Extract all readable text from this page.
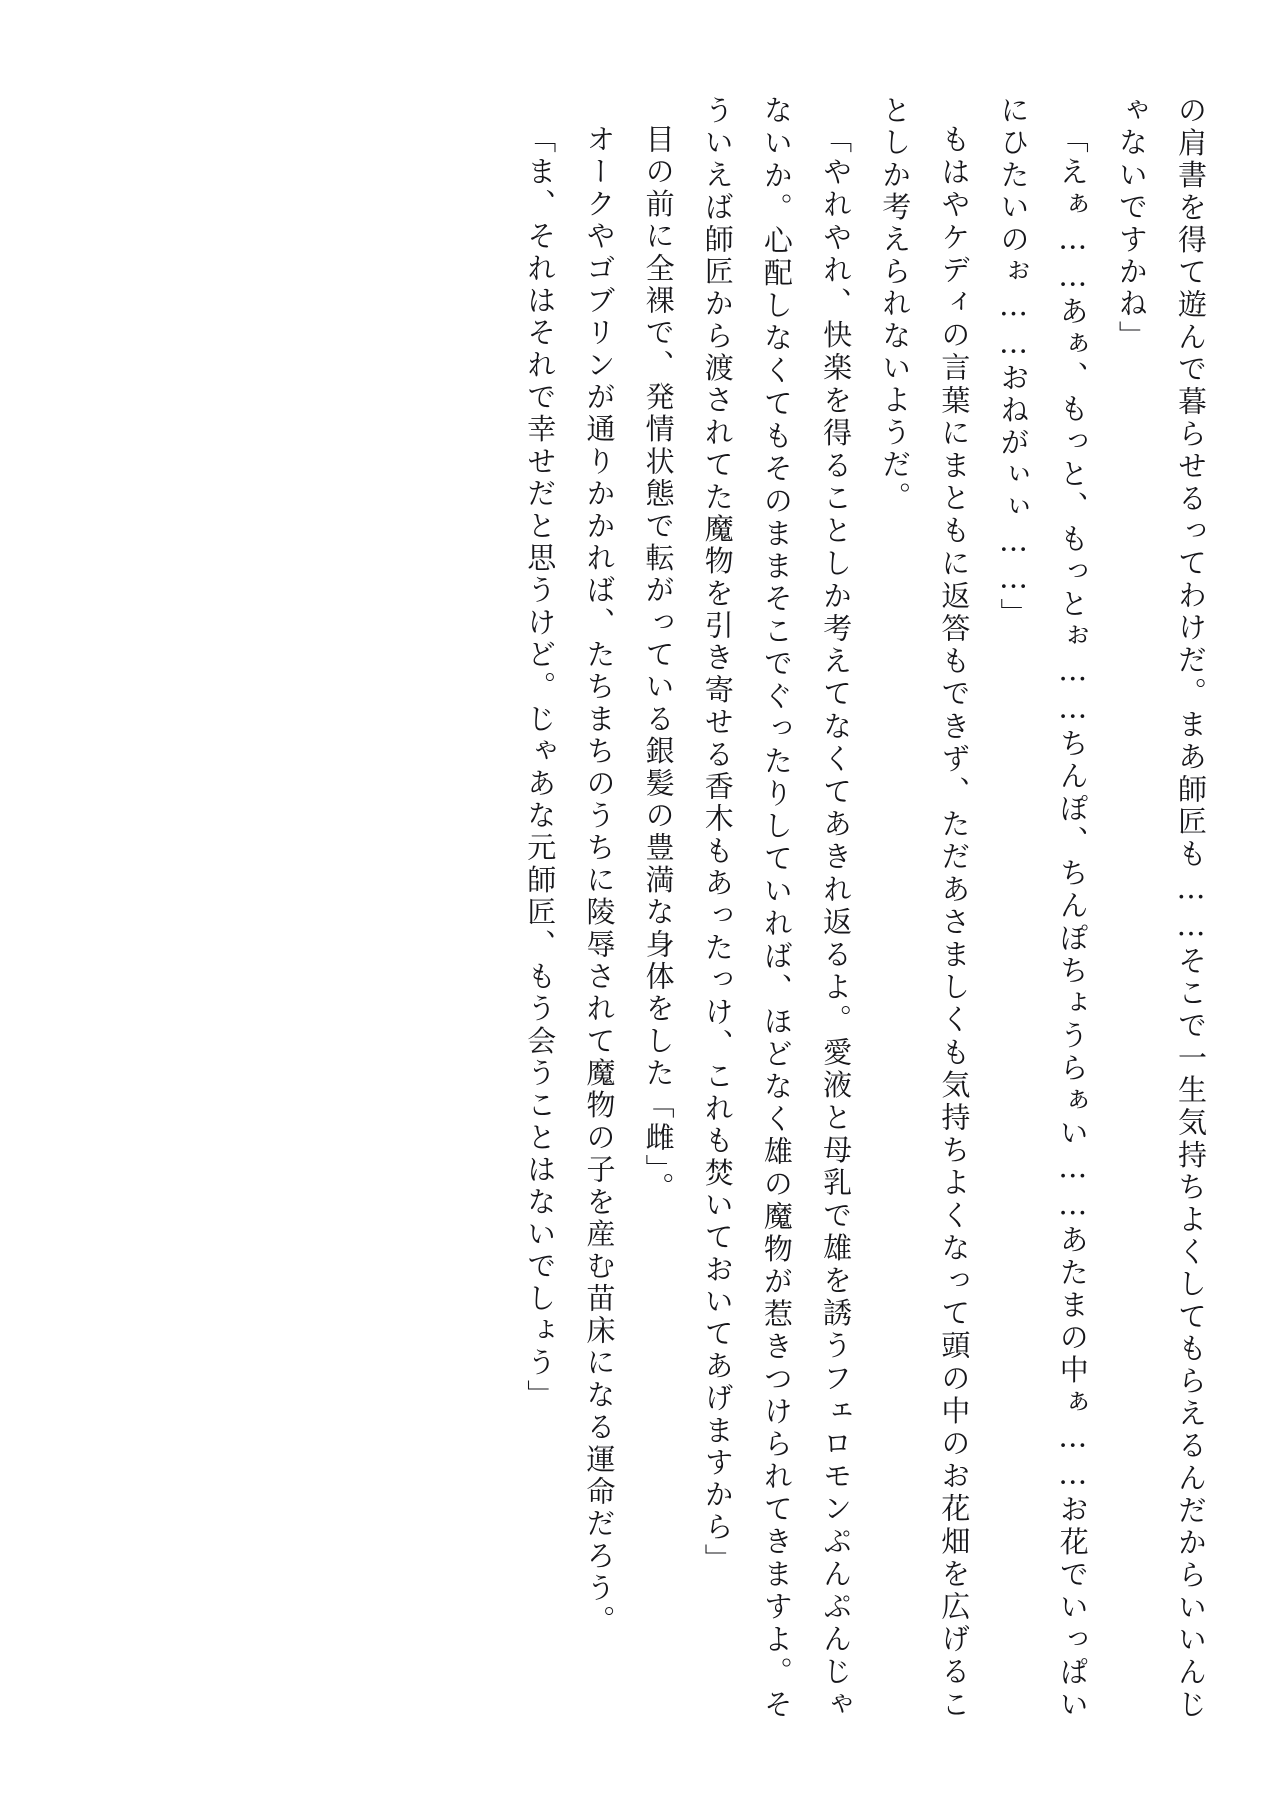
の肩書を得て遊んで暮らせるってわけだ。まあ師匠も……そこで一生気持ちよくしてもらえるんだからいいんじゃないですかね」

「えぁ……あぁ、もっと、もっとぉ……ちんぽ、ちんぽちょうらぁい……あたまの中ぁ……お花でいっぱいにひたいのぉ……おねがぃぃ……」

もはやケディの言葉にまともに返答もできず、ただあさましくも気持ちよくなって頭の中のお花畑を広げることしか考えられないようだ。

「やれやれ、快楽を得ることしか考えてなくてあきれ返るよ。愛液と母乳で雄を誘うフェロモンぷんぷんじゃないか。心配しなくてもそのままそこでぐったりしていれば、ほどなく雄の魔物が惹きつけられてきますよ。そういえば師匠から渡されてた魔物を引き寄せる香木もあったっけ、これも焚いておいてあげますから」

目の前に全裸で、発情状態で転がっている銀髪の豊満な身体をした「雌」。

オークやゴブリンが通りかかれば、たちまちのうちに陵辱されて魔物の子を産む苗床になる運命だろう。

「ま、それはそれで幸せだと思うけど。じゃあな元師匠、もう会うことはないでしょう」
